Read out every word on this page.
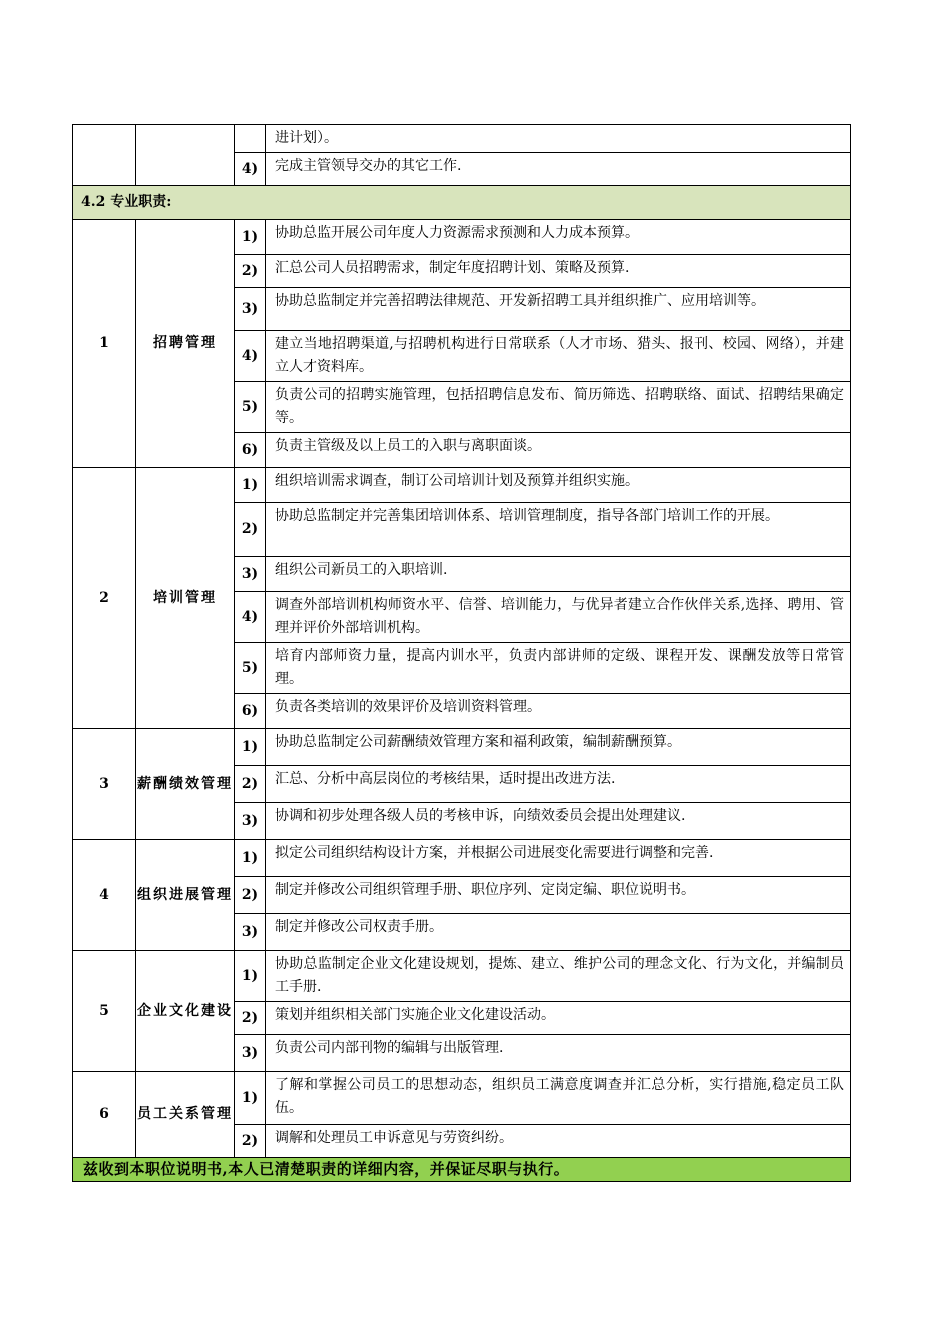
			进计划）。
		4)	完成主管领导交办的其它工作.
4.2 专业职责:			
1	招聘管理	1)	协助总监开展公司年度人力资源需求预测和人力成本预算。
		2)	汇总公司人员招聘需求，制定年度招聘计划、策略及预算.
		3)	协助总监制定并完善招聘法律规范、开发新招聘工具并组织推广、应用培训等。
		4)	建立当地招聘渠道,与招聘机构进行日常联系（人才市场、猎头、报刊、校园、网络），并建立人才资料库。
		5)	负责公司的招聘实施管理，包括招聘信息发布、简历筛选、招聘联络、面试、招聘结果确定等。
		6)	负责主管级及以上员工的入职与离职面谈。
2	培训管理	1)	组织培训需求调查，制订公司培训计划及预算并组织实施。
		2)	协助总监制定并完善集团培训体系、培训管理制度，指导各部门培训工作的开展。
		3)	组织公司新员工的入职培训.
		4)	调查外部培训机构师资水平、信誉、培训能力，与优异者建立合作伙伴关系,选择、聘用、管理并评价外部培训机构。
		5)	培育内部师资力量，提高内训水平，负责内部讲师的定级、课程开发、课酬发放等日常管理。
		6)	负责各类培训的效果评价及培训资料管理。
3	薪酬绩效管理	1)	协助总监制定公司薪酬绩效管理方案和福利政策，编制薪酬预算。
		2)	汇总、分析中高层岗位的考核结果，适时提出改进方法.
		3)	协调和初步处理各级人员的考核申诉，向绩效委员会提出处理建议.
4	组织进展管理	1)	拟定公司组织结构设计方案，并根据公司进展变化需要进行调整和完善.
		2)	制定并修改公司组织管理手册、职位序列、定岗定编、职位说明书。
		3)	制定并修改公司权责手册。
5	企业文化建设	1)	协助总监制定企业文化建设规划，提炼、建立、维护公司的理念文化、行为文化，并编制员工手册.
		2)	策划并组织相关部门实施企业文化建设活动。
		3)	负责公司内部刊物的编辑与出版管理.
6	员工关系管理	1)	了解和掌握公司员工的思想动态，组织员工满意度调查并汇总分析，实行措施,稳定员工队伍。
		2)	调解和处理员工申诉意见与劳资纠纷。
兹收到本职位说明书,本人已清楚职责的详细内容，并保证尽职与执行。			
